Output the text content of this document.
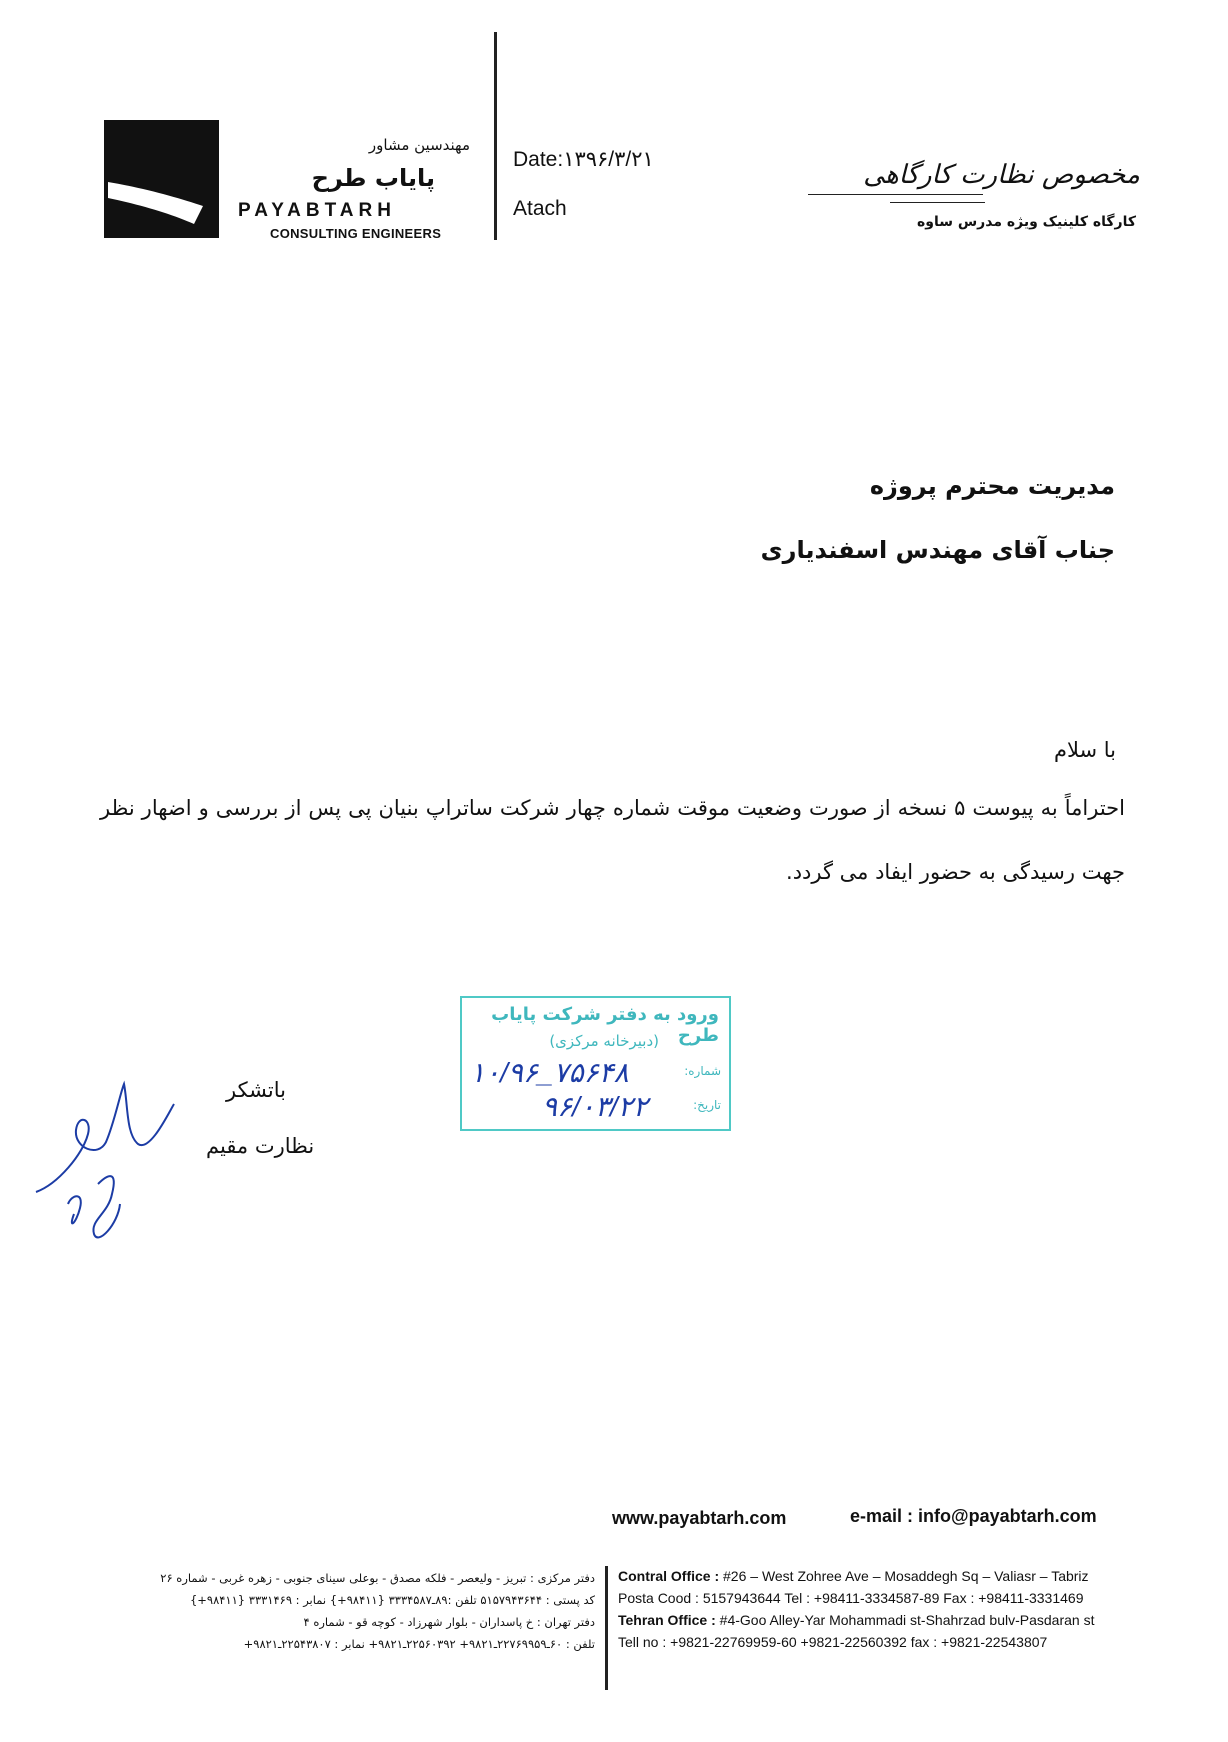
مهندسین مشاور
پایاب طرح
PAYABTARH
CONSULTING ENGINEERS
Date:۱۳۹۶/۳/۲۱
Atach
مخصوص نظارت کارگاهی
کارگاه کلینیک ویژه مدرس ساوه
مدیریت محترم پروژه
جناب آقای مهندس اسفندیاری
با سلام
احتراماً به پیوست ۵ نسخه از صورت وضعیت موقت شماره چهار شرکت ساتراپ بنیان پی پس از بررسی و اضهار نظر
جهت رسیدگی به حضور ایفاد می گردد.
ورود به دفتر شرکت پایاب طرح
(دبیرخانه مرکزی)
شماره:
۱۰/۹۶_۷۵۶۴۸
تاریخ:
۹۶/۰۳/۲۲
باتشکر
نظارت مقیم
www.payabtarh.com	e-mail : info@payabtarh.com
Contral Office : #26 – West Zohree Ave – Mosaddegh Sq – Valiasr – Tabriz
Posta Cood : 5157943644 Tel : +98411-3334587-89 Fax : +98411-3331469
Tehran Office : #4-Goo Alley-Yar Mohammadi st-Shahrzad bulv-Pasdaran st
Tell no : +9821-22769959-60 +9821-22560392 fax : +9821-22543807
دفتر مرکزی : تبریز - ولیعصر - فلکه مصدق - بوعلی سینای جنوبی - زهره غربی - شماره ۲۶
کد پستی : ۵۱۵۷۹۴۳۶۴۴ تلفن :۸۹ـ۳۳۳۴۵۸۷ {۹۸۴۱۱+} نمابر : ۳۳۳۱۴۶۹ {۹۸۴۱۱+}
دفتر تهران : خ پاسداران - بلوار شهرزاد - کوچه قو - شماره ۴
تلفن : ۶۰ـ۲۲۷۶۹۹۵۹ـ۹۸۲۱+ ۲۲۵۶۰۳۹۲ـ۹۸۲۱+ نمابر : ۲۲۵۴۳۸۰۷ـ۹۸۲۱+
